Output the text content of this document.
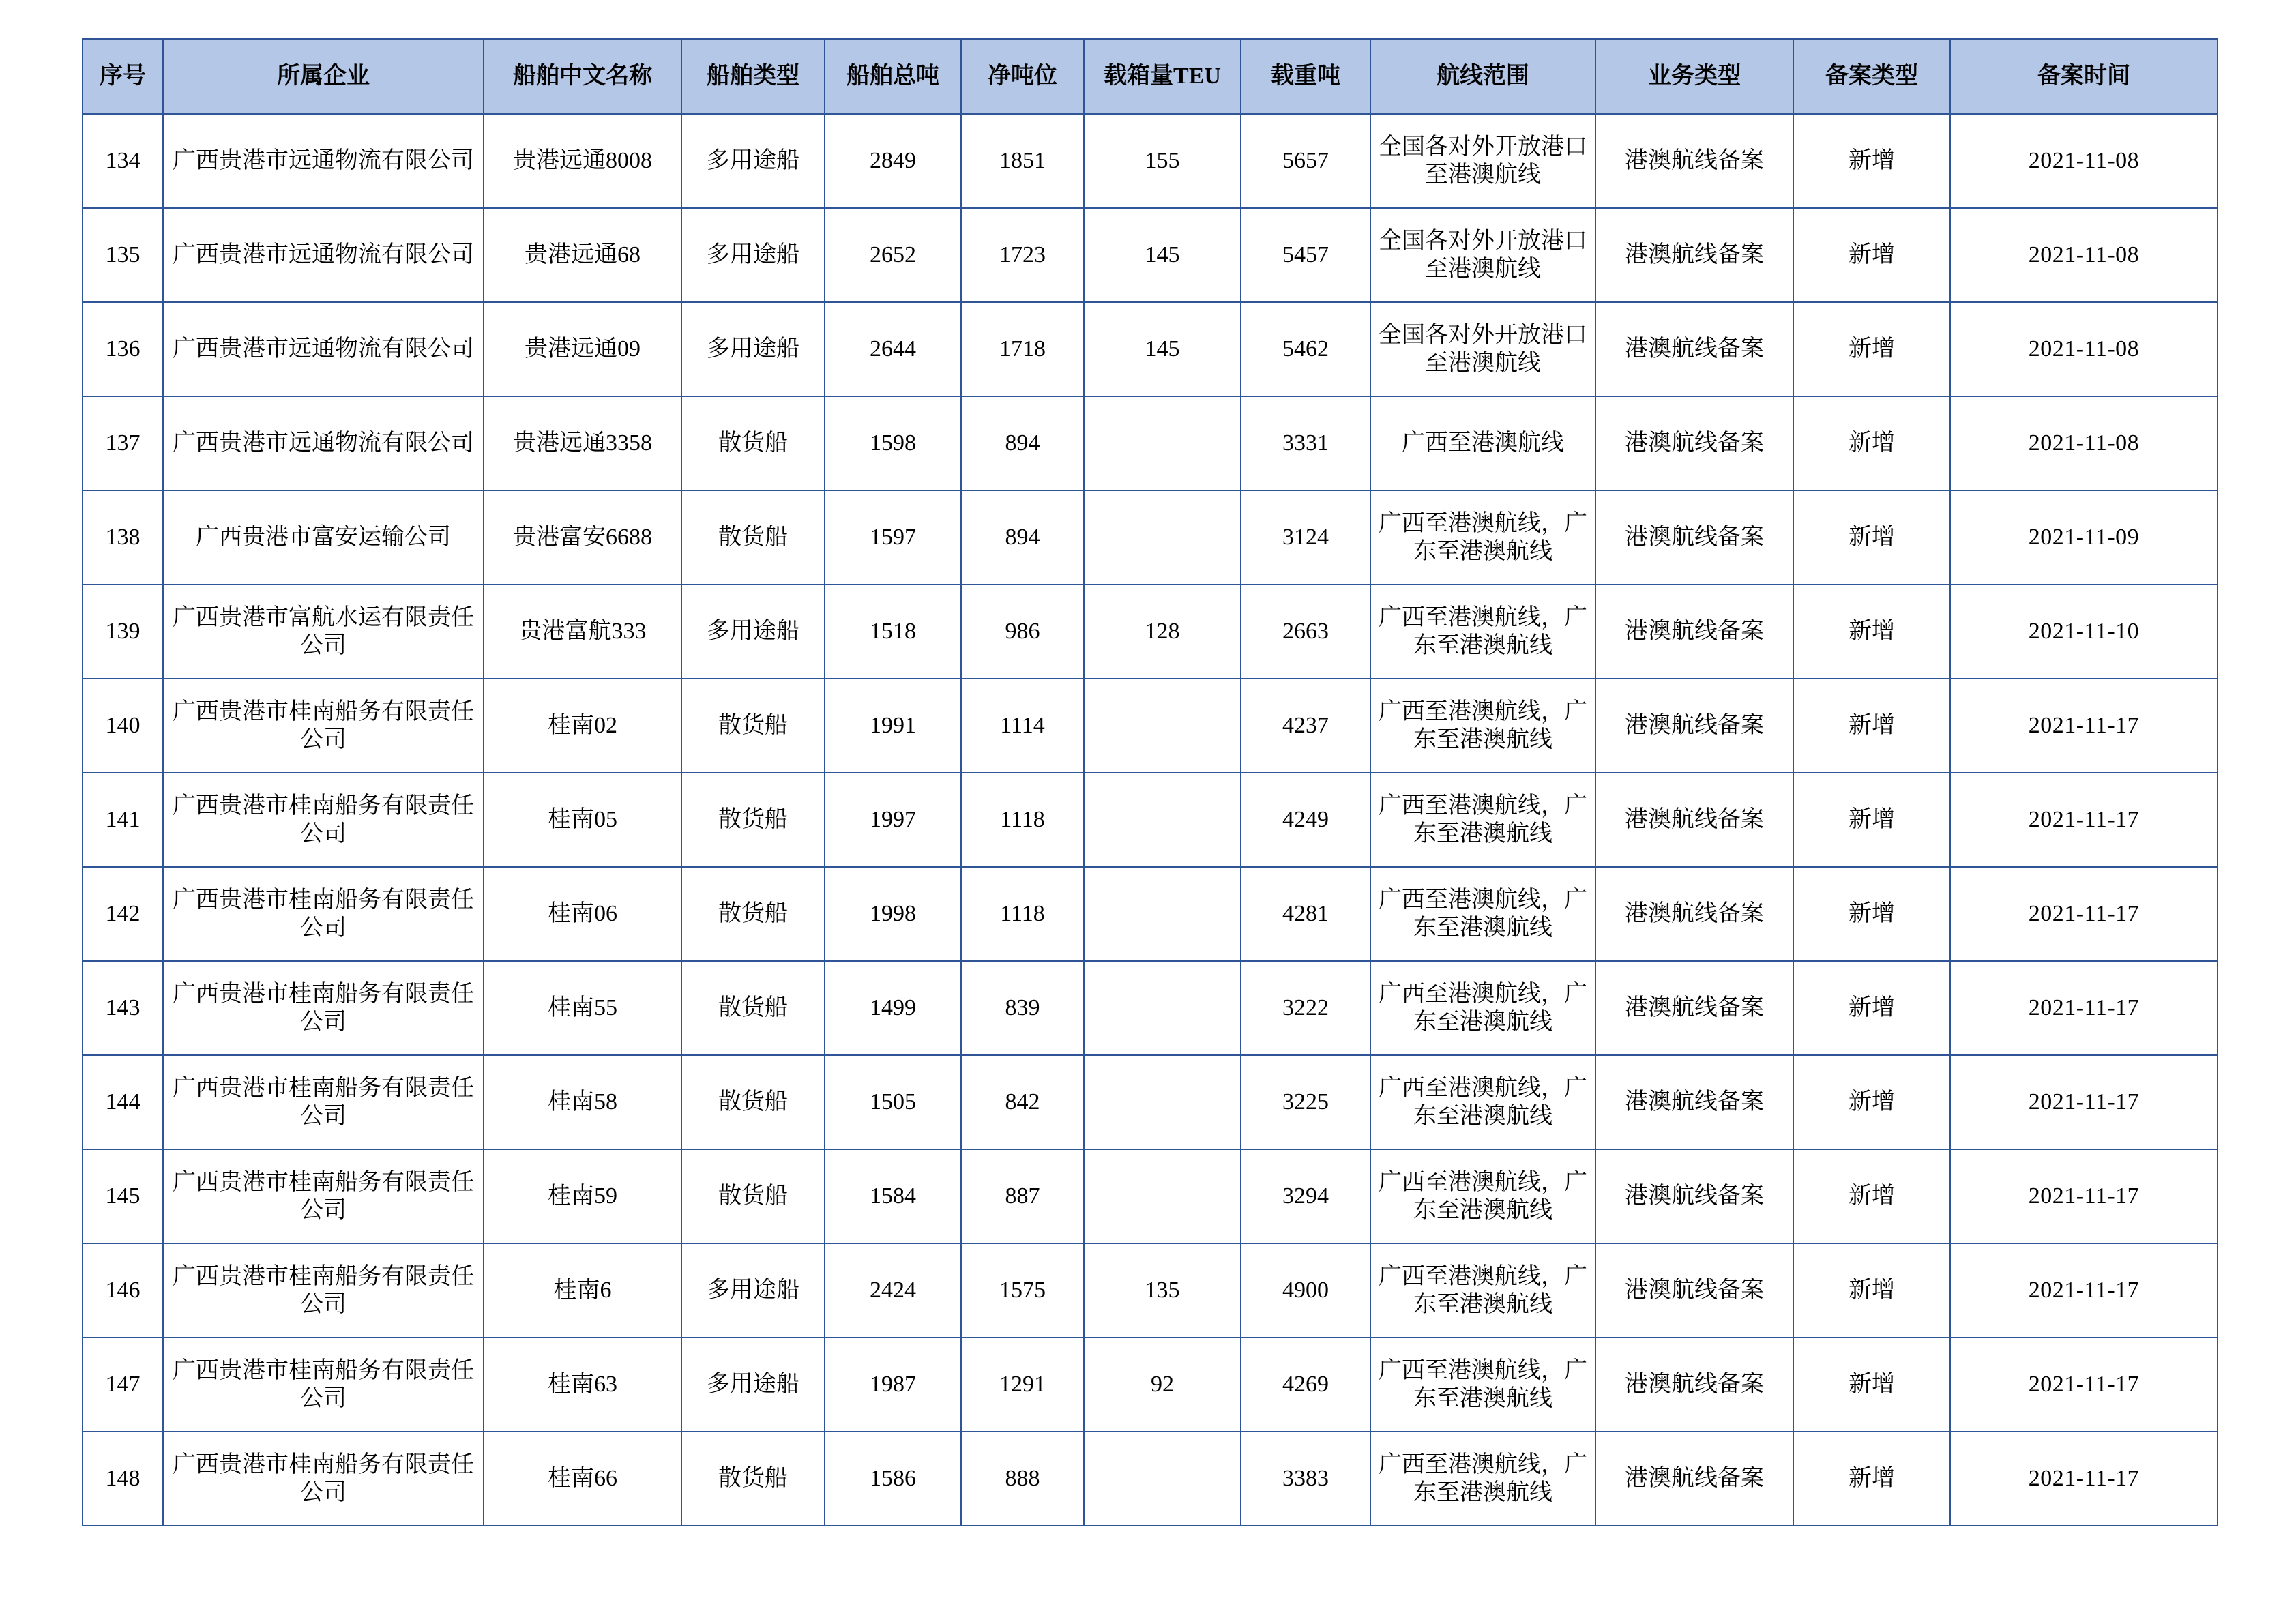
序号	所属企业	船舶中文名称	船舶类型	船舶总吨	净吨位	载箱量TEU	载重吨	航线范围	业务类型	备案类型	备案时间
134	广西贵港市远通物流有限公司	贵港远通8008	多用途船	2849	1851	155	5657	全国各对外开放港口至港澳航线	港澳航线备案	新增	2021-11-08
135	广西贵港市远通物流有限公司	贵港远通68	多用途船	2652	1723	145	5457	全国各对外开放港口至港澳航线	港澳航线备案	新增	2021-11-08
136	广西贵港市远通物流有限公司	贵港远通09	多用途船	2644	1718	145	5462	全国各对外开放港口至港澳航线	港澳航线备案	新增	2021-11-08
137	广西贵港市远通物流有限公司	贵港远通3358	散货船	1598	894		3331	广西至港澳航线	港澳航线备案	新增	2021-11-08
138	广西贵港市富安运输公司	贵港富安6688	散货船	1597	894		3124	广西至港澳航线，广东至港澳航线	港澳航线备案	新增	2021-11-09
139	广西贵港市富航水运有限责任公司	贵港富航333	多用途船	1518	986	128	2663	广西至港澳航线，广东至港澳航线	港澳航线备案	新增	2021-11-10
140	广西贵港市桂南船务有限责任公司	桂南02	散货船	1991	1114		4237	广西至港澳航线，广东至港澳航线	港澳航线备案	新增	2021-11-17
141	广西贵港市桂南船务有限责任公司	桂南05	散货船	1997	1118		4249	广西至港澳航线，广东至港澳航线	港澳航线备案	新增	2021-11-17
142	广西贵港市桂南船务有限责任公司	桂南06	散货船	1998	1118		4281	广西至港澳航线，广东至港澳航线	港澳航线备案	新增	2021-11-17
143	广西贵港市桂南船务有限责任公司	桂南55	散货船	1499	839		3222	广西至港澳航线，广东至港澳航线	港澳航线备案	新增	2021-11-17
144	广西贵港市桂南船务有限责任公司	桂南58	散货船	1505	842		3225	广西至港澳航线，广东至港澳航线	港澳航线备案	新增	2021-11-17
145	广西贵港市桂南船务有限责任公司	桂南59	散货船	1584	887		3294	广西至港澳航线，广东至港澳航线	港澳航线备案	新增	2021-11-17
146	广西贵港市桂南船务有限责任公司	桂南6	多用途船	2424	1575	135	4900	广西至港澳航线，广东至港澳航线	港澳航线备案	新增	2021-11-17
147	广西贵港市桂南船务有限责任公司	桂南63	多用途船	1987	1291	92	4269	广西至港澳航线，广东至港澳航线	港澳航线备案	新增	2021-11-17
148	广西贵港市桂南船务有限责任公司	桂南66	散货船	1586	888		3383	广西至港澳航线，广东至港澳航线	港澳航线备案	新增	2021-11-17
